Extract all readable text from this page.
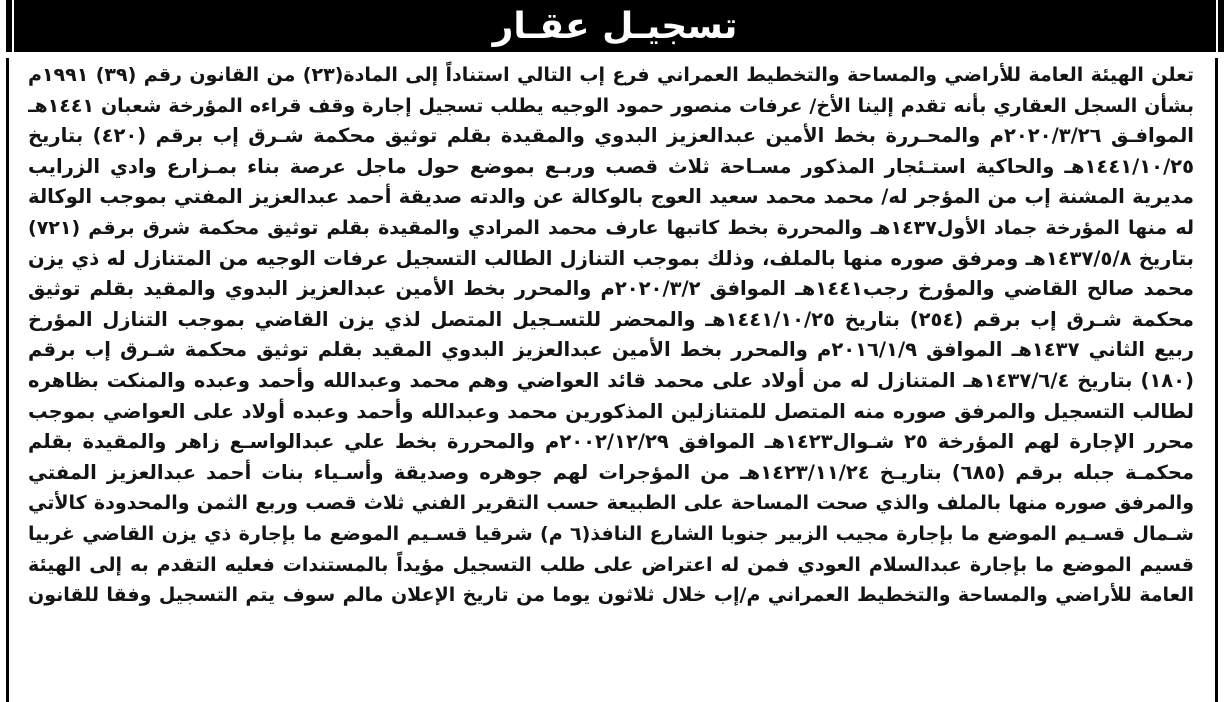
تسجيـل عقـار
تعلن الهيئة العامة للأراضي والمساحة والتخطيط العمراني فرع إب التالي استناداً إلى المادة(٢٣) من القانون رقم (٣٩) ١٩٩١م
بشأن السجل العقاري بأنه تقدم إلينا الأخ/ عرفات منصور حمود الوجيه يطلب تسجيل إجارة وقف قراءه المؤرخة شعبان ١٤٤١هـ
الموافـق ٢٠٢٠/٣/٢٦م والمحـررة بخط الأمين عبدالعزيز البدوي والمقيدة بقلم توثيق محكمة شـرق إب برقم (٤٢٠) بتاريخ
١٤٤١/١٠/٢٥هـ والحاكية استـئجار المذكور مسـاحة ثلاث قصب وربـع بموضع حول ماجل عرصة بناء بمـزارع وادي الزرايب
مديرية المشنة إب من المؤجر له/ محمد محمد سعيد العوج بالوكالة عن والدته صديقة أحمد عبدالعزيز المفتي بموجب الوكالة
له منها المؤرخة جماد الأول١٤٣٧هـ والمحررة بخط كاتبها عارف محمد المرادي والمقيدة بقلم توثيق محكمة شرق برقم (٧٢١)
بتاريخ ١٤٣٧/٥/٨هـ ومرفق صوره منها بالملف، وذلك بموجب التنازل الطالب التسجيل عرفات الوجيه من المتنازل له ذي يزن
محمد صالح القاضي والمؤرخ رجب١٤٤١هـ الموافق ٢٠٢٠/٣/٢م والمحرر بخط الأمين عبدالعزيز البدوي والمقيد بقلم توثيق
محكمة شـرق إب برقم (٢٥٤) بتاريخ ١٤٤١/١٠/٢٥هـ والمحضر للتسـجيل المتصل لذي يزن القاضي بموجب التنازل المؤرخ
ربيع الثاني ١٤٣٧هـ الموافق ٢٠١٦/١/٩م والمحرر بخط الأمين عبدالعزيز البدوي المقيد بقلم توثيق محكمة شـرق إب برقم
(١٨٠) بتاريخ ١٤٣٧/٦/٤هـ المتنازل له من أولاد على محمد قائد العواضي وهم محمد وعبدالله وأحمد وعبده والمنكت بظاهره
لطالب التسجيل والمرفق صوره منه المتصل للمتنازلين المذكورين محمد وعبدالله وأحمد وعبده أولاد على العواضي بموجب
محرر الإجارة لهم المؤرخة ٢٥ شـوال١٤٢٣هـ الموافق ٢٠٠٢/١٢/٢٩م والمحررة بخط علي عبدالواسـع زاهر والمقيدة بقلم
محكمـة جبله برقم (٦٨٥) بتاريـخ ١٤٢٣/١١/٢٤هـ من المؤجرات لهم جوهره وصديقة وأسـياء بنات أحمد عبدالعزيز المفتي
والمرفق صوره منها بالملف والذي صحت المساحة على الطبيعة حسب التقرير الفني ثلاث قصب وربع الثمن والمحدودة كالأتي
شـمال قسـيم الموضع ما بإجارة مجيب الزبير جنوبا الشارع النافذ(٦ م) شرقيا قسـيم الموضع ما بإجارة ذي يزن القاضي غربيا
قسيم الموضع ما بإجارة عبدالسلام العودي فمن له اعتراض على طلب التسجيل مؤيداً بالمستندات فعليه التقدم به إلى الهيئة
العامة للأراضي والمساحة والتخطيط العمراني م/إب خلال ثلاثون يوما من تاريخ الإعلان مالم سوف يتم التسجيل وفقا للقانون
